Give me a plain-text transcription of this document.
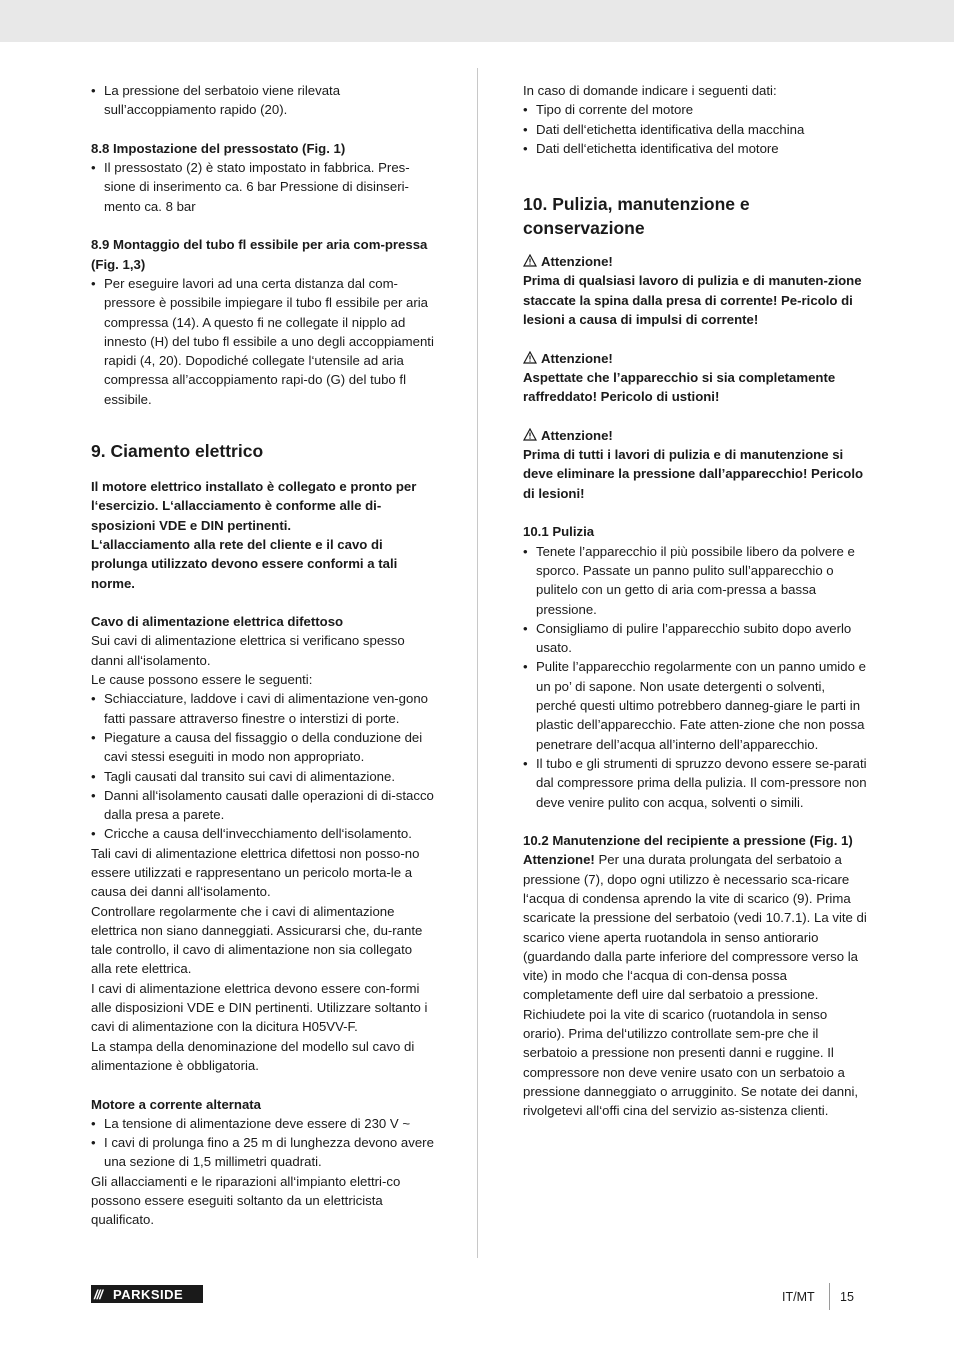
• La pressione del serbatoio viene rilevata sull’accoppiamento rapido (20).

8.8 Impostazione del pressostato (Fig. 1)

• Il pressostato (2) è stato impostato in fabbrica. Pres-sione di inserimento ca. 6 bar Pressione di disinseri-mento ca. 8 bar

8.9 Montaggio del tubo fl essibile per aria com-pressa (Fig. 1,3)

• Per eseguire lavori ad una certa distanza dal com-pressore è possibile impiegare il tubo fl essibile per aria compressa (14). A questo fi ne collegate il nipplo ad innesto (H) del tubo fl essibile a uno degli accoppiamenti rapidi (4, 20). Dopodiché collegate l‘utensile ad aria compressa all’accoppiamento rapi-do (G) del tubo fl essibile.

9. Ciamento elettrico

Il motore elettrico installato è collegato e pronto per l‘esercizio. L‘allacciamento è conforme alle di-sposizioni VDE e DIN pertinenti.

L‘allacciamento alla rete del cliente e il cavo di prolunga utilizzato devono essere conformi a tali norme.

Cavo di alimentazione elettrica difettoso

Sui cavi di alimentazione elettrica si verificano spesso danni all‘isolamento.

Le cause possono essere le seguenti:

• Schiacciature, laddove i cavi di alimentazione ven-gono fatti passare attraverso finestre o interstizi di porte.

• Piegature a causa del fissaggio o della conduzione dei cavi stessi eseguiti in modo non appropriato.

• Tagli causati dal transito sui cavi di alimentazione.

• Danni all‘isolamento causati dalle operazioni di di-stacco dalla presa a parete.

• Cricche a causa dell‘invecchiamento dell‘isolamento.

Tali cavi di alimentazione elettrica difettosi non posso-no essere utilizzati e rappresentano un pericolo morta-le a causa dei danni all‘isolamento.

Controllare regolarmente che i cavi di alimentazione elettrica non siano danneggiati. Assicurarsi che, du-rante tale controllo, il cavo di alimentazione non sia collegato alla rete elettrica.

I cavi di alimentazione elettrica devono essere con-formi alle disposizioni VDE e DIN pertinenti. Utilizzare soltanto i cavi di alimentazione con la dicitura H05VV-F.

La stampa della denominazione del modello sul cavo di alimentazione è obbligatoria.

Motore a corrente alternata

• La tensione di alimentazione deve essere di 230 V ~

• I cavi di prolunga fino a 25 m di lunghezza devono avere una sezione di 1,5 millimetri quadrati.

Gli allacciamenti e le riparazioni all‘impianto elettri-co possono essere eseguiti soltanto da un elettricista qualificato.

In caso di domande indicare i seguenti dati:

• Tipo di corrente del motore

• Dati dell‘etichetta identificativa della macchina

• Dati dell‘etichetta identificativa del motore

10. Pulizia, manutenzione e conservazione

Attenzione!

Prima di qualsiasi lavoro di pulizia e di manuten-zione staccate la spina dalla presa di corrente! Pe-ricolo di lesioni a causa di impulsi di corrente!

Attenzione!

Aspettate che l’apparecchio si sia completamente raffreddato! Pericolo di ustioni!

Attenzione!

Prima di tutti i lavori di pulizia e di manutenzione si deve eliminare la pressione dall’apparecchio! Pericolo di lesioni!

10.1 Pulizia

• Tenete l’apparecchio il più possibile libero da polvere e sporco. Passate un panno pulito sull’apparecchio o pulitelo con un getto di aria com-pressa a bassa pressione.

• Consigliamo di pulire l’apparecchio subito dopo averlo usato.

• Pulite l’apparecchio regolarmente con un panno umido e un po’ di sapone. Non usate detergenti o solventi, perché questi ultimo potrebbero danneg-giare le parti in plastic dell’apparecchio. Fate atten-zione che non possa penetrare dell’acqua all’interno dell’apparecchio.

• Il tubo e gli strumenti di spruzzo devono essere se-parati dal compressore prima della pulizia. Il com-pressore non deve venire pulito con acqua, solventi o simili.

10.2 Manutenzione del recipiente a pressione (Fig. 1)

Attenzione! Per una durata prolungata del serbatoio a pressione (7), dopo ogni utilizzo è necessario sca-ricare l‘acqua di condensa aprendo la vite di scarico (9). Prima scaricate la pressione del serbatoio (vedi 10.7.1). La vite di scarico viene aperta ruotandola in senso antiorario (guardando dalla parte inferiore del compressore verso la vite) in modo che l‘acqua di con-densa possa completamente defl uire dal serbatoio a pressione. Richiudete poi la vite di scarico (ruotandola in senso orario). Prima del‘utilizzo controllate sem-pre che il serbatoio a pressione non presenti danni e ruggine. Il compressore non deve venire usato con un serbatoio a pressione danneggiato o arrugginito. Se notate dei danni, rivolgetevi all‘offi cina del servizio as-sistenza clienti.

/// PARKSIDE	IT/MT 15
